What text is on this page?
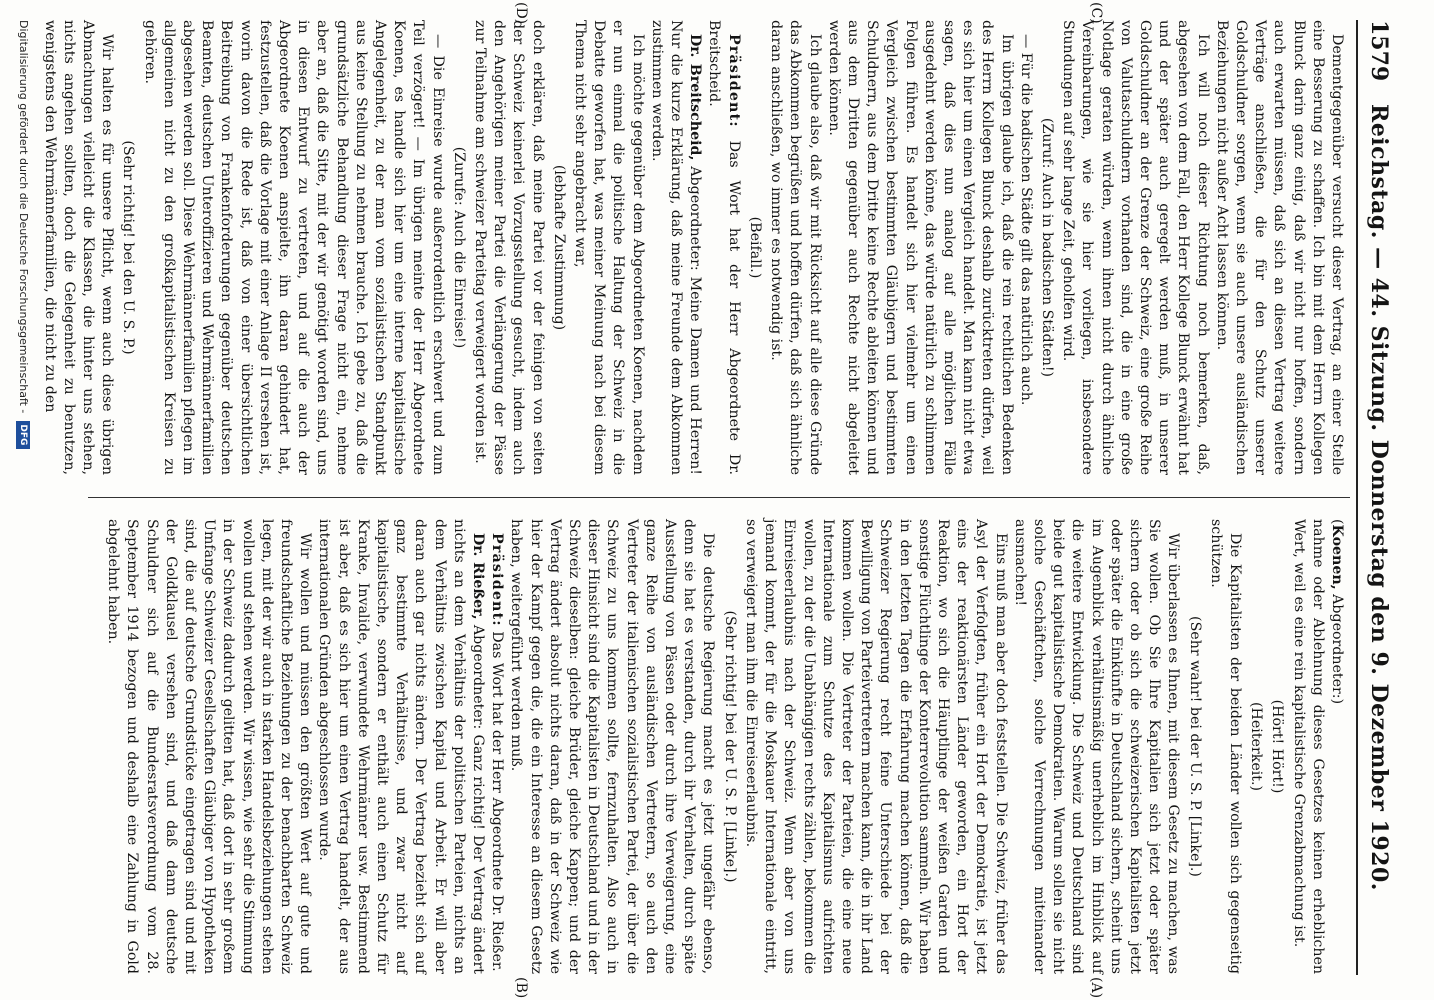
1579
Reichstag. — 44. Sitzung. Donnerstag den 9. Dezember 1920.
(C)
(D)
(A)
(B)

Dementgegenüber versucht dieser Vertrag, an einer Stelle eine Besserung zu schaffen. Ich bin mit dem Herrn Kollegen Blunck darin ganz einig, daß wir nicht nur hoffen, sondern auch erwarten müssen, daß sich an diesen Vertrag weitere Verträge anschließen, die für den Schutz unserer Goldschuldner sorgen, wenn sie auch unsere ausländischen Beziehungen nicht außer Acht lassen können.

Ich will noch dieser Richtung noch bemerken, daß, abgesehen von dem Fall, den Herr Kollege Blunck erwähnt hat und der später auch geregelt werden muß, in unserer Goldschuldner an der Grenze der Schweiz, eine große Reihe von Valutaschuldnern vorhanden sind, die in eine große Notlage geraten würden, wenn ihnen nicht durch ähnliche Vereinbarungen, wie sie hier vorliegen, insbesondere Stundungen auf sehr lange Zeit, geholfen wird.

(Zuruf: Auch in badischen Städten!)

— Für die badischen Städte gilt das natürlich auch.

Im übrigen glaube ich, daß die rein rechtlichen Bedenken des Herrn Kollegen Blunck deshalb zurücktreten dürfen, weil es sich hier um einen Vergleich handelt. Man kann nicht etwa sagen, daß dies nun analog auf alle möglichen Fälle ausgedehnt werden könne, das würde natürlich zu schlimmen Folgen führen. Es handelt sich hier vielmehr um einen Vergleich zwischen bestimmten Gläubigern und bestimmten Schuldnern, aus dem Dritte keine Rechte ableiten können und aus dem Dritten gegenüber auch Rechte nicht abgeleitet werden können.

Ich glaube also, daß wir mit Rücksicht auf alle diese Gründe das Abkommen begrüßen und hoffen dürfen, daß sich ähnliche daran anschließen, wo immer es notwendig ist.

(Beifall.)

Präsident: Das Wort hat der Herr Abgeordnete Dr. Breitscheid.

Dr. Breitscheid, Abgeordneter: Meine Damen und Herren! Nur die kurze Erklärung, daß meine Freunde dem Abkommen zustimmen werden.

Ich möchte gegenüber dem Abgeordneten Koenen, nachdem er nun einmal die politische Haltung der Schweiz in die Debatte geworfen hat, was meiner Meinung nach bei diesem Thema nicht sehr angebracht war,

(lebhafte Zustimmung)

doch erklären, daß meine Partei vor der feinigen von seiten der Schweiz keinerlei Vorzugsstellung gesucht, indem auch den Angehörigen meiner Partei die Verlängerung der Pässe zur Teilnahme am schweizer Parteitag verweigert worden ist.

(Zurufe: Auch die Einreise!)

— Die Einreise wurde außerordentlich erschwert und zum Teil verzögert! — Im übrigen meinte der Herr Abgeordnete Koenen, es handle sich hier um eine interne kapitalistische Angelegenheit, zu der man vom sozialistischen Standpunkt aus keine Stellung zu nehmen brauche. Ich gebe zu, daß die grundsätzliche Behandlung dieser Frage nicht ein, nehme aber an, daß die Sitte, mit der wir genötigt worden sind, uns in diesen Entwurf zu vertreten, und auf die auch der Abgeordnete Koenen anspielte, ihn daran gehindert hat, festzustellen, daß die Vorlage mit einer Anlage II versehen ist, worin davon die Rede ist, daß von einer übersichtlichen Beitreibung von Frankenforderungen gegenüber deutschen Beamten, deutschen Unteroffizieren und Wehrmännerfamilien abgesehen werden soll. Diese Wehrmännerfamilien pflegen im allgemeinen nicht zu den großkapitalistischen Kreisen zu gehören.

(Sehr richtig! bei den U. S. P.)

Wir halten es für unsere Pflicht, wenn auch diese übrigen Abmachungen vielleicht die Klassen, die hinter uns stehen, nichts angehen sollten, doch die Gelegenheit zu benutzen, wenigstens den Wehrmännerfamilien, die nicht zu den

(Koenen, Abgeordneter:)

nahme oder Ablehnung dieses Gesetzes keinen erheblichen Wert, weil es eine rein kapitalistische Grenzabmachung ist.

(Hört! Hört!)

(Heiterkeit.)

Die Kapitalisten der beiden Länder wollen sich gegenseitig schützen.

(Sehr wahr! bei der U. S. P. [Linke].)

Wir überlassen es Ihnen, mit diesem Gesetz zu machen, was Sie wollen. Ob Sie Ihre Kapitalien sich jetzt oder später sichern oder ob sich die schweizerischen Kapitalisten jetzt oder später die Einkünfte in Deutschland sichern, scheint uns im Augenblick verhältnismäßig unerheblich im Hinblick auf die weitere Entwicklung. Die Schweiz und Deutschland sind beide gut kapitalistische Demokratien. Warum sollen sie nicht solche Geschäftchen, solche Verrechnungen miteinander ausmachen!

Eins muß man aber doch feststellen. Die Schweiz, früher das Asyl der Verfolgten, früher ein Hort der Demokratie, ist jetzt eins der reaktionärsten Länder geworden, ein Hort der Reaktion, wo sich die Häuptlinge der weißen Garden und sonstige Flüchtlinge der Konterrevolution sammeln. Wir haben in den letzten Tagen die Erfahrung machen können, daß die Schweizer Regierung recht feine Unterschiede bei der Bewilligung von Parteivertretern machen kann, die in ihr Land kommen wollen. Die Vertreter der Parteien, die eine neue Internationale zum Schutze des Kapitalismus aufrichten wollen, zu der die Unabhängigen rechts zählen, bekommen die Einreiseerlaubnis nach der Schweiz. Wenn aber von uns jemand kommt, der für die Moskauer Internationale eintritt, so verweigert man ihm die Einreiseerlaubnis.

(Sehr richtig! bei der U. S. P. [Linke].)

Die deutsche Regierung macht es jetzt ungefähr ebenso, denn sie hat es verstanden, durch ihr Verhalten, durch späte Ausstellung von Pässen oder durch ihre Verweigerung, eine ganze Reihe von ausländischen Vertretern, so auch den Vertreter der italienischen sozialistischen Partei, der über die Schweiz zu uns kommen sollte, fernzuhalten. Also auch in dieser Hinsicht sind die Kapitalisten in Deutschland und in der Schweiz dieselben: gleiche Brüder, gleiche Kappen; und der Vertrag ändert absolut nichts daran, daß in der Schweiz wie hier der Kampf gegen die, die ein Interesse an diesem Gesetz haben, weitergeführt werden muß.

Präsident: Das Wort hat der Herr Abgeordnete Dr. Rießer.

Dr. Rießer, Abgeordneter: Ganz richtig! Der Vertrag ändert nichts an dem Verhältnis der politischen Parteien, nichts an dem Verhältnis zwischen Kapital und Arbeit. Er will aber daran auch gar nichts ändern. Der Vertrag bezieht sich auf ganz bestimmte Verhältnisse, und zwar nicht auf kapitalistische, sondern er enthält auch einen Schutz für Kranke, Invalide, verwundete Wehrmänner usw. Bestimmend ist aber, daß es sich hier um einen Vertrag handelt, der aus internationalen Gründen abgeschlossen wurde.

Wir wollen und müssen den größten Wert auf gute und freundschaftliche Beziehungen zu der benachbarten Schweiz legen, mit der wir auch in starken Handelsbeziehungen stehen wollen und stehen werden. Wir wissen, wie sehr die Stimmung in der Schweiz dadurch gelitten hat, daß dort in sehr großem Umfange Schweizer Gesellschaften Gläubiger von Hypotheken sind, die auf deutsche Grundstücke eingetragen sind und mit der Goldklausel versehen sind, und daß dann deutsche Schuldner sich auf die Bundesratsverordnung vom 28. September 1914 bezogen und deshalb eine Zahlung in Gold abgelehnt haben.

Digitalisierung gefördert durch die Deutsche Forschungsgemeinschaft - DFG
